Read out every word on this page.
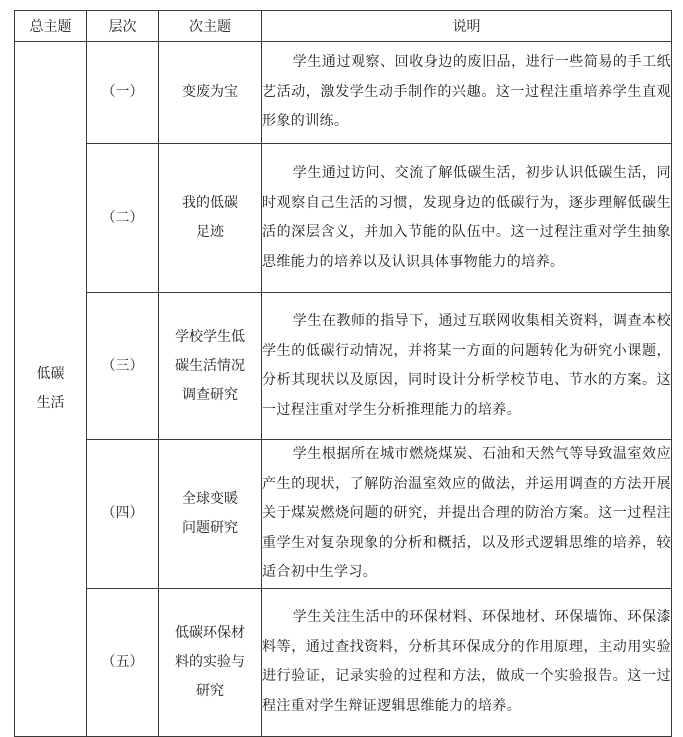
总主题	层次	次主题	说明
低碳生活	（一）	变废为宝	学生通过观察、回收身边的废旧品，进行一些简易的手工纸艺活动，激发学生动手制作的兴趣。这一过程注重培养学生直观形象的训练。

	（二）	我的低碳足迹	学生通过访问、交流了解低碳生活，初步认识低碳生活，同时观察自己生活的习惯，发现身边的低碳行为，逐步理解低碳生活的深层含义，并加入节能的队伍中。这一过程注重对学生抽象思维能力的培养以及认识具体事物能力的培养。

	（三）	学校学生低碳生活情况调查研究	学生在教师的指导下，通过互联网收集相关资料，调查本校学生的低碳行动情况，并将某一方面的问题转化为研究小课题，分析其现状以及原因，同时设计分析学校节电、节水的方案。这一过程注重对学生分析推理能力的培养。

	（四）	全球变暖问题研究	学生根据所在城市燃烧煤炭、石油和天然气等导致温室效应产生的现状，了解防治温室效应的做法，并运用调查的方法开展关于煤炭燃烧问题的研究，并提出合理的防治方案。这一过程注重学生对复杂现象的分析和概括，以及形式逻辑思维的培养，较适合初中生学习。

	（五）	低碳环保材料的实验与研究	学生关注生活中的环保材料、环保地材、环保墙饰、环保漆料等，通过查找资料，分析其环保成分的作用原理，主动用实验进行验证，记录实验的过程和方法，做成一个实验报告。这一过程注重对学生辩证逻辑思维能力的培养。
